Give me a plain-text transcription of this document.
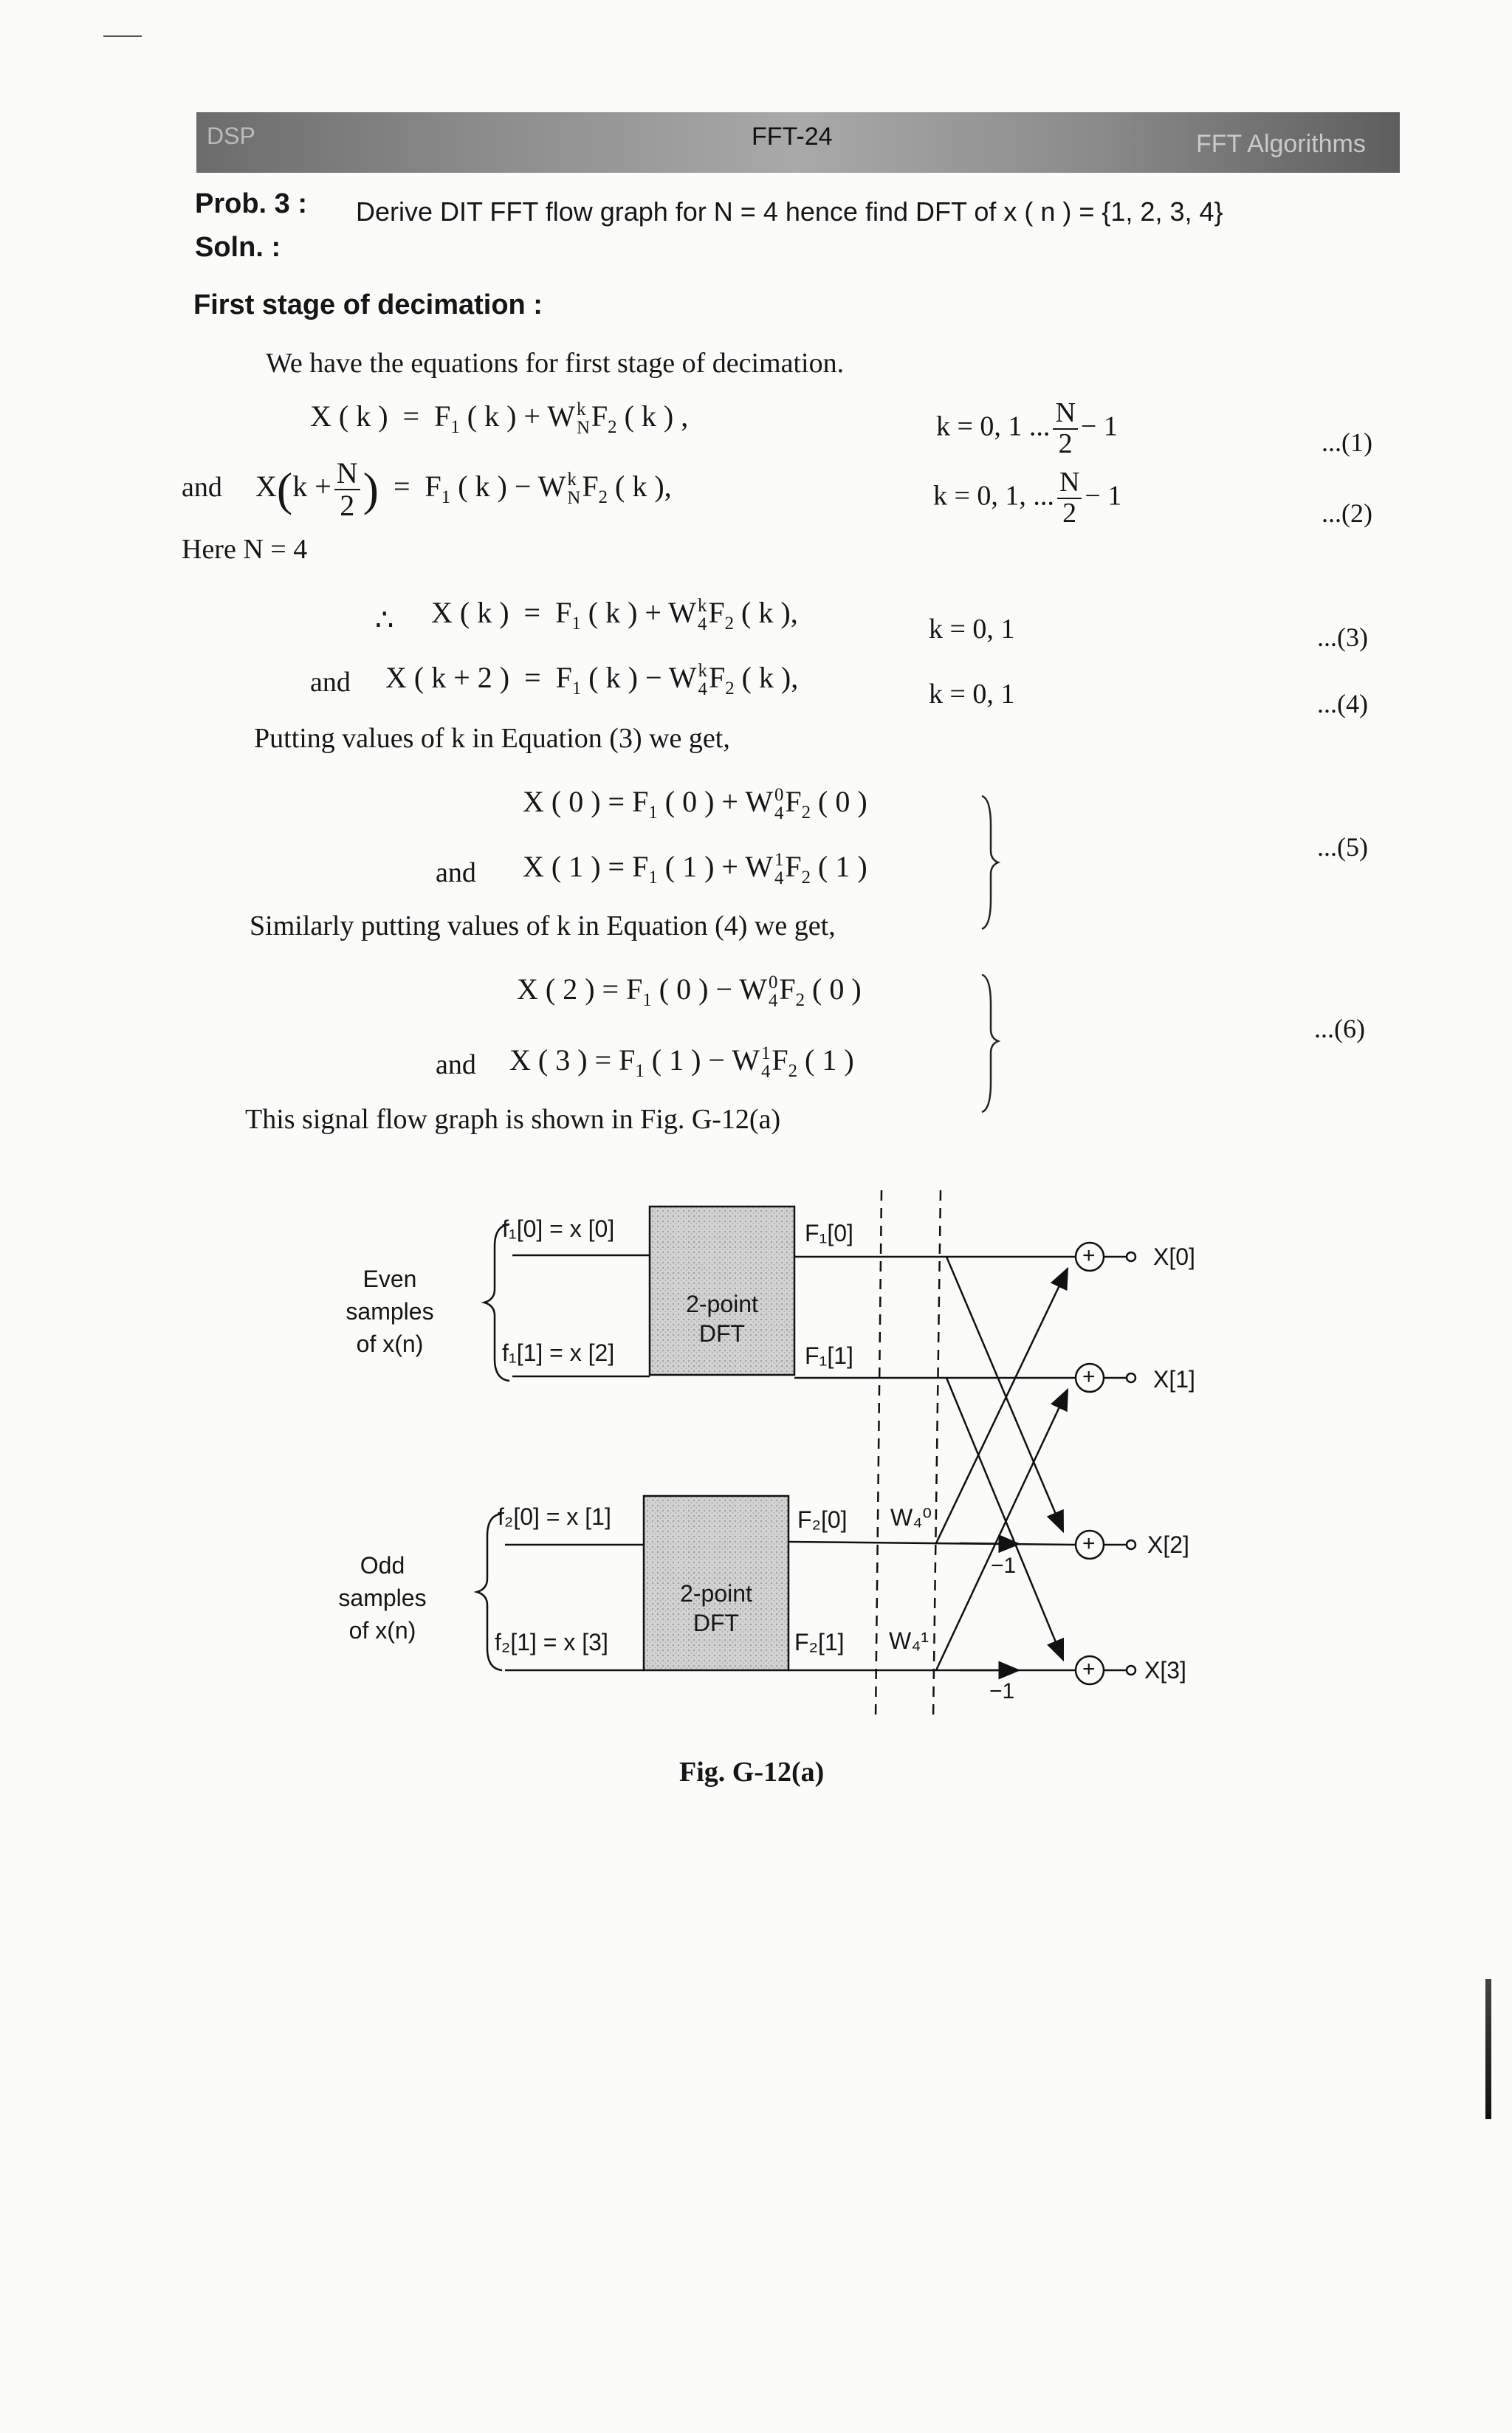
DSP	FFT-24	FFT Algorithms
Prob. 3 : Derive DIT FFT flow graph for N = 4 hence find DFT of x ( n ) = {1, 2, 3, 4}
Soln. :
First stage of decimation :
We have the equations for first stage of decimation.
X ( k )  =  $F_1$ ( k ) + W k
N $F_2$ ( k ) ,	k = 0, 1 ... $\frac{N}{2} - 1$
...(1)
and $X(k + \frac{N}{2}$ )  =  $F_1$ ( k ) − W k
N $F_2$ ( k ),	k = 0, 1, ... $\frac{N}{2} - 1$
...(2)
Here N = 4
∴ X ( k )  =  $F_1$ ( k ) + W k
4 $F_2$ ( k ),	k = 0, 1	...(3)
and X ( k + 2 )  =  $F_1$ ( k ) − W k
4 $F_2$ ( k ),	k = 0, 1	...(4)
Putting values of k in Equation (3) we get,
X ( 0 ) = $F_1$ ( 0 ) + W 0
4 $F_2$ ( 0 )
and X ( 1 ) = $F_1$ ( 1 ) + W 1
4 $F_2$ ( 1 )
...(5)
Similarly putting values of k in Equation (4) we get,
X ( 2 ) = $F_1$ ( 0 ) − W 0
4 $F_2$ ( 0 )
and X ( 3 ) = $F_1$ ( 1 ) − W 1
4 $F_2$ ( 1 )
...(6)
This signal flow graph is shown in Fig. G-12(a)
Even
samples
of x(n)
Odd
samples
of x(n)
2-point
DFT
2-point
DFT
f₁[0] = x [0]
f₁[1] = x [2]
f₂[0] = x [1]
f₂[1] = x [3]
F₁[0]
F₁[1]
F₂[0]
F₂[1]
W₄⁰
W₄¹
−1
−1
+
+
+
+
X[0]
X[1]
X[2]
X[3]
Fig. G-12(a)
